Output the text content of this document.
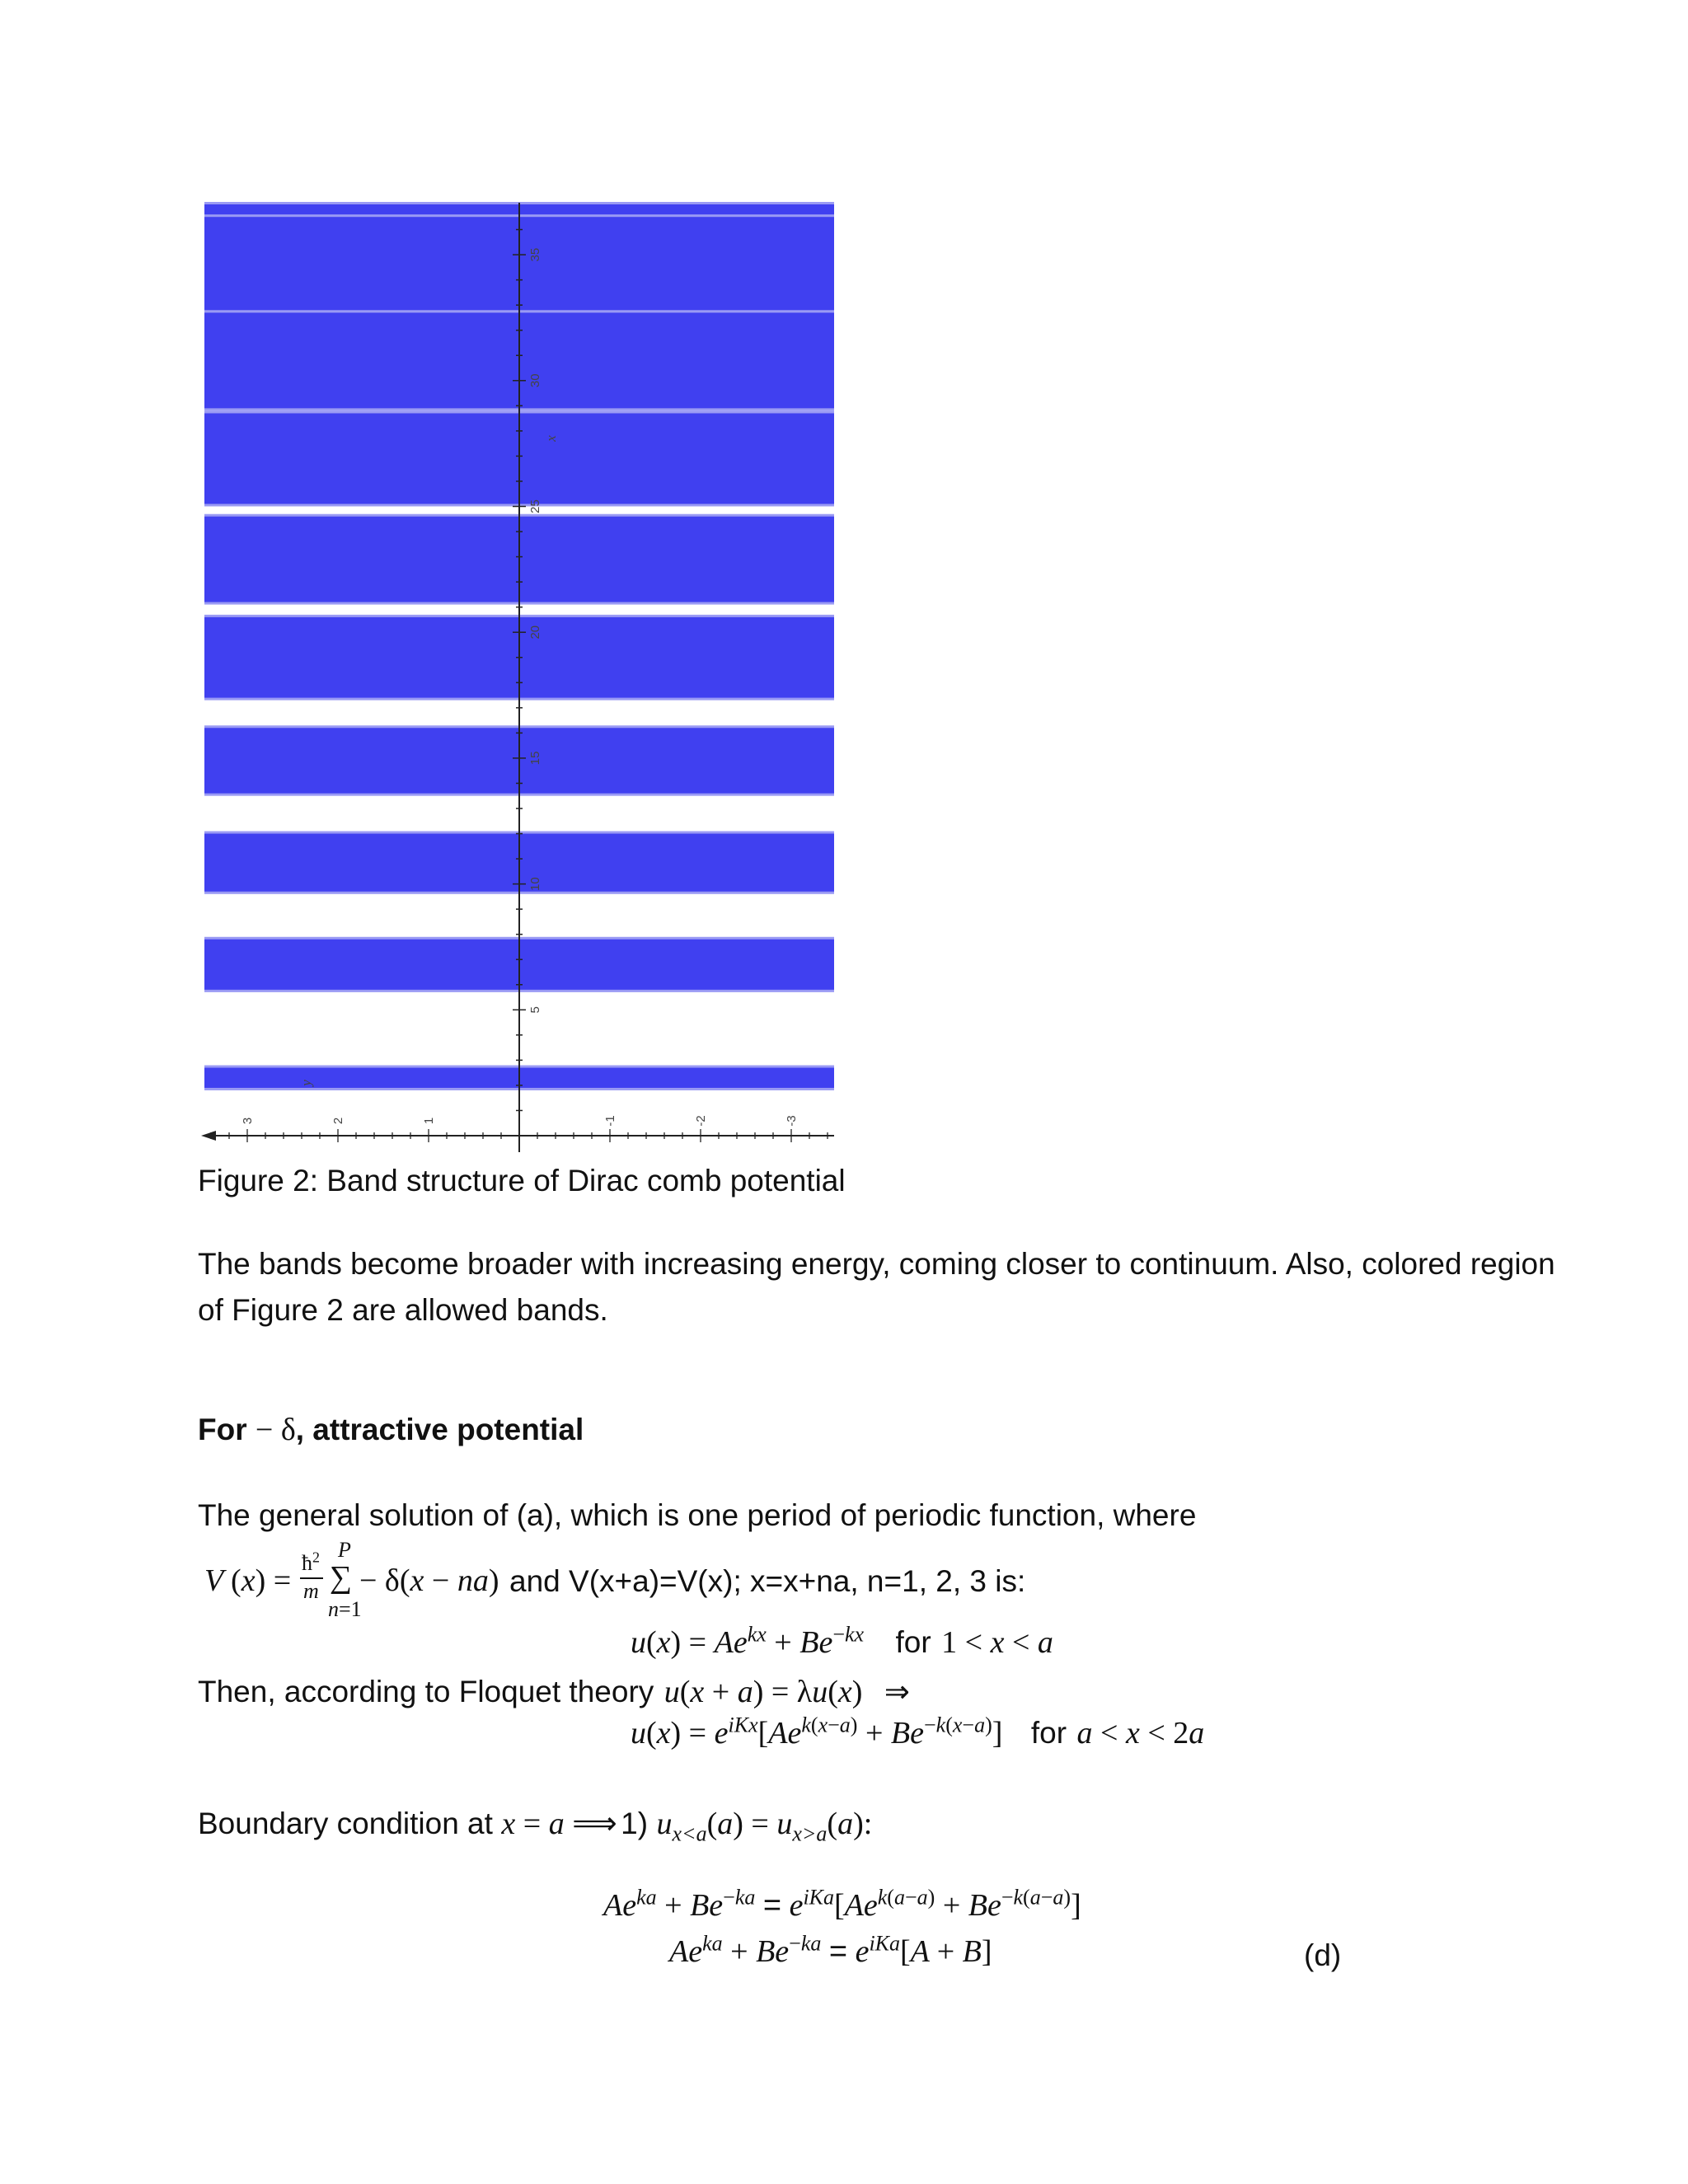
5
10
15
20
25
30
35
x
3	2	1	-1	-2	-3
y
Figure 2: Band structure of Dirac comb potential
The bands become broader with increasing energy, coming closer to continuum. Also, colored region of Figure 2 are allowed bands.
For − δ, attractive potential
The general solution of (a), which is one period of periodic function, where
V (x) =
$ħ^2$
m
P
∑
n=1
− δ(x − na) and V(x+a)=V(x); x=x+na, n=1, 2, 3 is:
$u(x) = Ae^{kx} + Be^{-kx}$ for 1 < x < a
Then, according to Floquet theory u(x + a) = λu(x) ⇒
$u(x) = e^{iKx}[Ae^{k(x-a)} + Be^{-k(x-a)}]$ for a < x < 2a
Boundary condition at x = a ⟹ 1) $u_{x<a}(a) = u_{x>a}(a)$:
$Ae^{ka} + Be^{-ka} = e^{iKa}[Ae^{k(a-a)} + Be^{-k(a-a)}]$
$Ae^{ka} + Be^{-ka} = e^{iKa}[A + B]$	(d)
